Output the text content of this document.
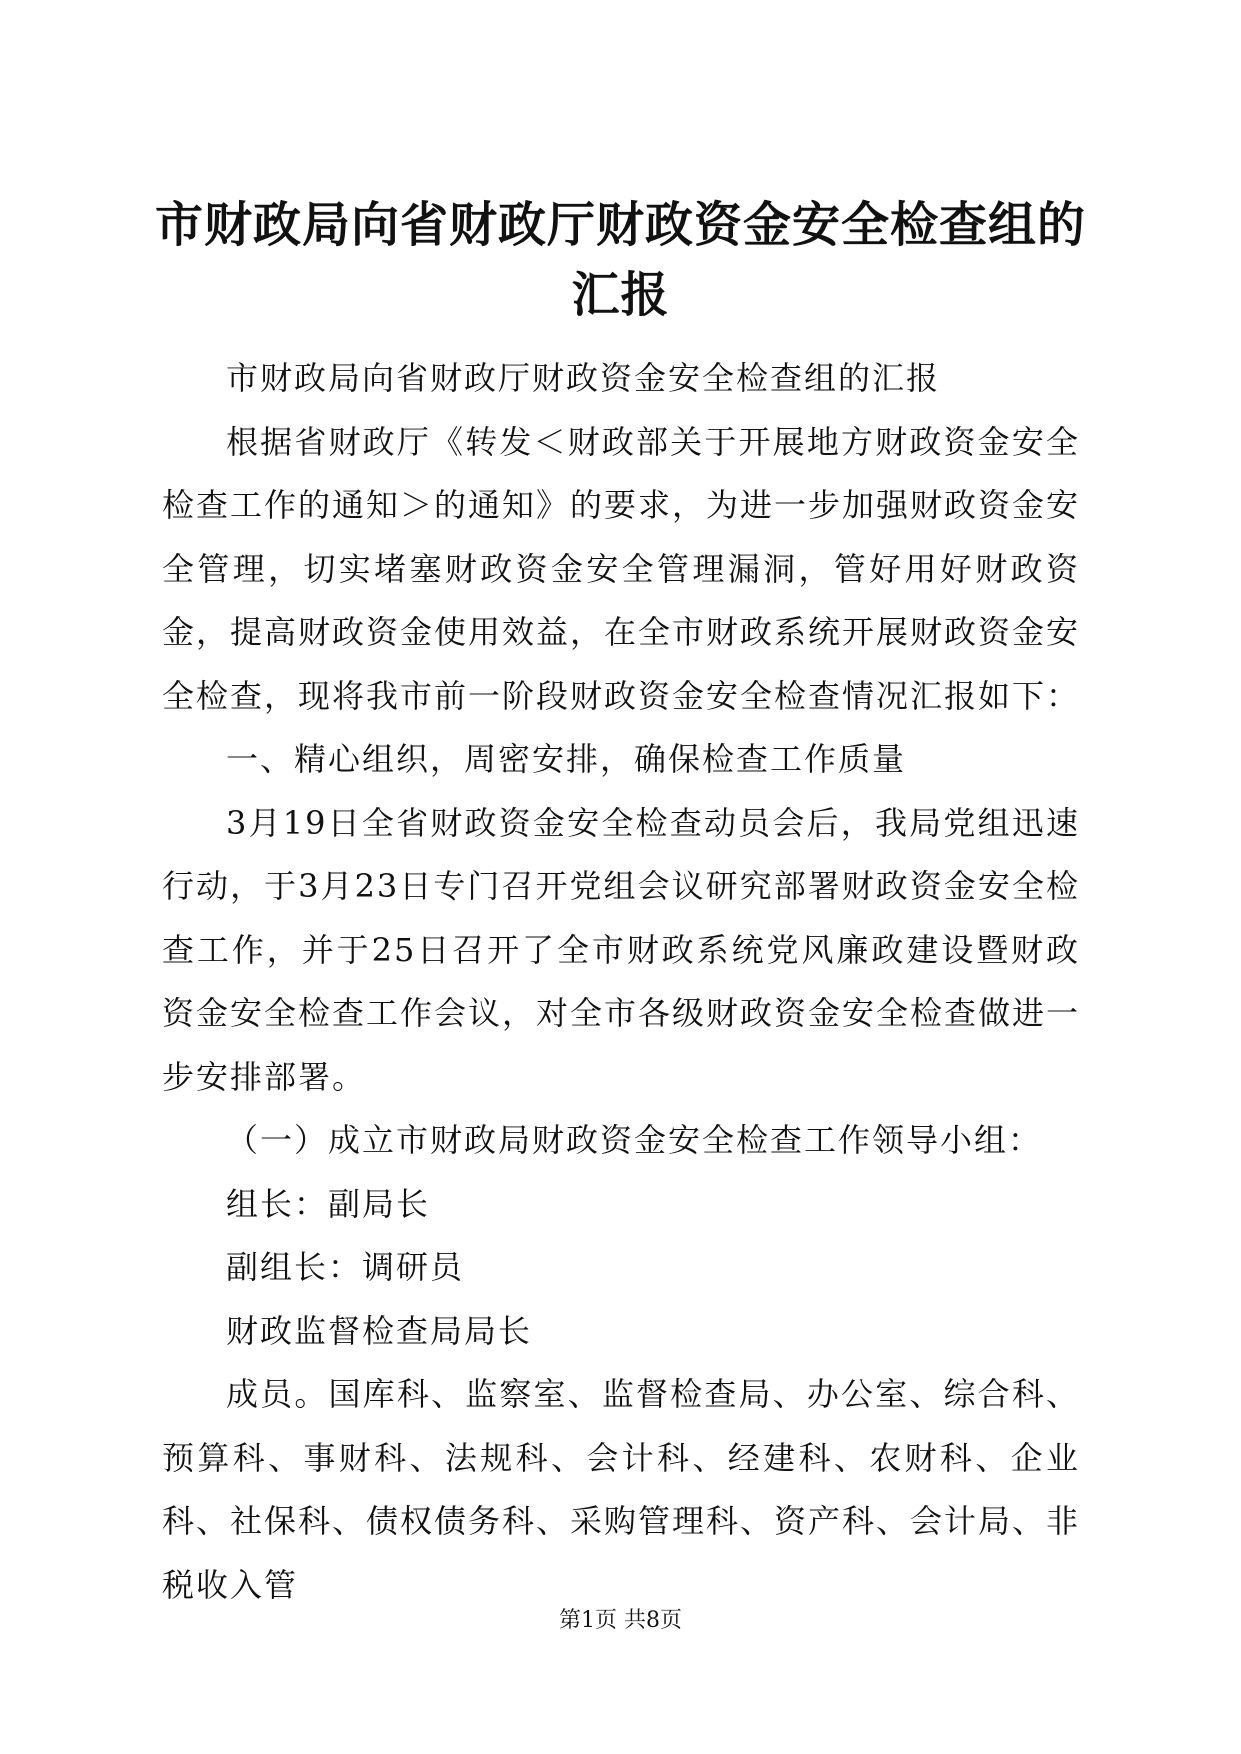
市财政局向省财政厅财政资金安全检查组的汇报

市财政局向省财政厅财政资金安全检查组的汇报

根据省财政厅《转发＜财政部关于开展地方财政资金安全检查工作的通知＞的通知》的要求，为进一步加强财政资金安全管理，切实堵塞财政资金安全管理漏洞，管好用好财政资金，提高财政资金使用效益，在全市财政系统开展财政资金安全检查，现将我市前一阶段财政资金安全检查情况汇报如下：

一、精心组织，周密安排，确保检查工作质量

3月19日全省财政资金安全检查动员会后，我局党组迅速行动，于3月23日专门召开党组会议研究部署财政资金安全检查工作，并于25日召开了全市财政系统党风廉政建设暨财政资金安全检查工作会议，对全市各级财政资金安全检查做进一步安排部署。

（一）成立市财政局财政资金安全检查工作领导小组：

组长：副局长

副组长：调研员

财政监督检查局局长

成员。国库科、监察室、监督检查局、办公室、综合科、预算科、事财科、法规科、会计科、经建科、农财科、企业科、社保科、债权债务科、采购管理科、资产科、会计局、非税收入管

第1页 共8页
